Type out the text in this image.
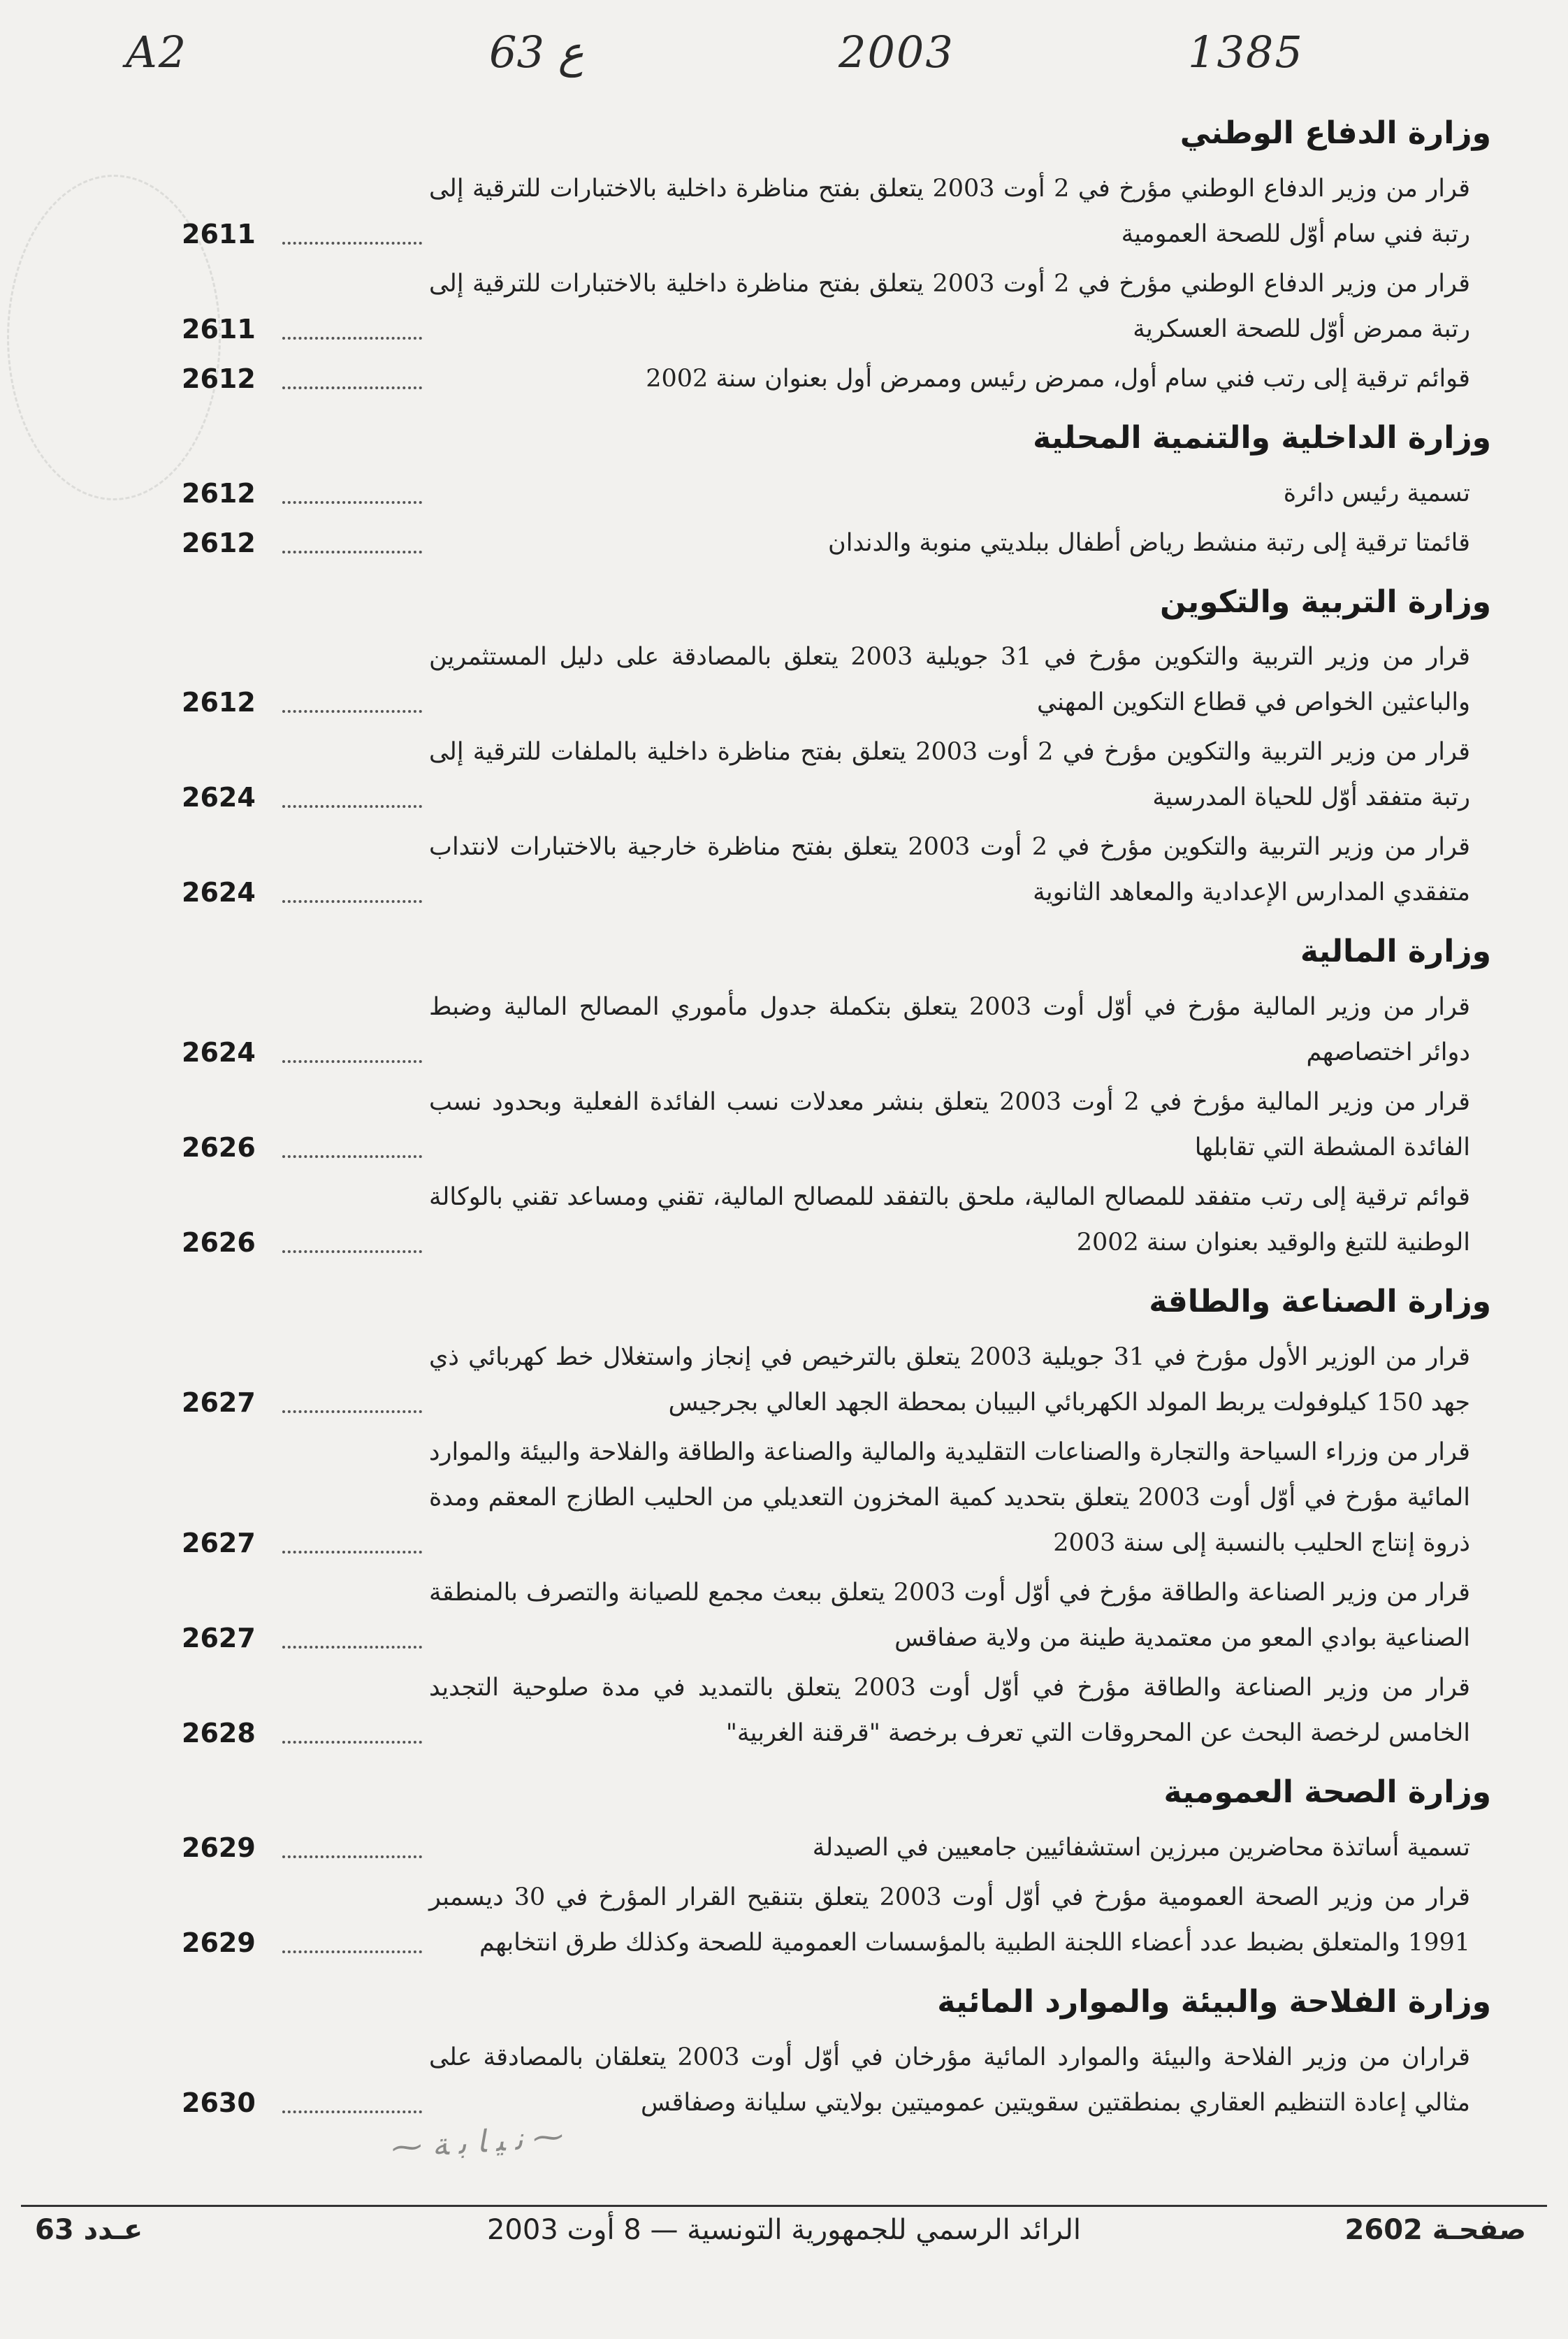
A2	63 ع	2003	1385
وزارة الدفاع الوطني
قرار من وزير الدفاع الوطني مؤرخ في 2 أوت 2003 يتعلق بفتح مناظرة داخلية بالاختبارات للترقية إلى رتبة فني سام أوّل للصحة العمومية
2611
قرار من وزير الدفاع الوطني مؤرخ في 2 أوت 2003 يتعلق بفتح مناظرة داخلية بالاختبارات للترقية إلى رتبة ممرض أوّل للصحة العسكرية
2611
قوائم ترقية إلى رتب فني سام أول، ممرض رئيس وممرض أول بعنوان سنة 2002
2612
وزارة الداخلية والتنمية المحلية
تسمية رئيس دائرة
2612
قائمتا ترقية إلى رتبة منشط رياض أطفال ببلديتي منوبة والدندان
2612
وزارة التربية والتكوين
قرار من وزير التربية والتكوين مؤرخ في 31 جويلية 2003 يتعلق بالمصادقة على دليل المستثمرين والباعثين الخواص في قطاع التكوين المهني
2612
قرار من وزير التربية والتكوين مؤرخ في 2 أوت 2003 يتعلق بفتح مناظرة داخلية بالملفات للترقية إلى رتبة متفقد أوّل للحياة المدرسية
2624
قرار من وزير التربية والتكوين مؤرخ في 2 أوت 2003 يتعلق بفتح مناظرة خارجية بالاختبارات لانتداب متفقدي المدارس الإعدادية والمعاهد الثانوية
2624
وزارة المالية
قرار من وزير المالية مؤرخ في أوّل أوت 2003 يتعلق بتكملة جدول مأموري المصالح المالية وضبط دوائر اختصاصهم
2624
قرار من وزير المالية مؤرخ في 2 أوت 2003 يتعلق بنشر معدلات نسب الفائدة الفعلية وبحدود نسب الفائدة المشطة التي تقابلها
2626
قوائم ترقية إلى رتب متفقد للمصالح المالية، ملحق بالتفقد للمصالح المالية، تقني ومساعد تقني بالوكالة الوطنية للتبغ والوقيد بعنوان سنة 2002
2626
وزارة الصناعة والطاقة
قرار من الوزير الأول مؤرخ في 31 جويلية 2003 يتعلق بالترخيص في إنجاز واستغلال خط كهربائي ذي جهد 150 كيلوفولت يربط المولد الكهربائي البيبان بمحطة الجهد العالي بجرجيس
2627
قرار من وزراء السياحة والتجارة والصناعات التقليدية والمالية والصناعة والطاقة والفلاحة والبيئة والموارد المائية مؤرخ في أوّل أوت 2003 يتعلق بتحديد كمية المخزون التعديلي من الحليب الطازج المعقم ومدة ذروة إنتاج الحليب بالنسبة إلى سنة 2003
2627
قرار من وزير الصناعة والطاقة مؤرخ في أوّل أوت 2003 يتعلق ببعث مجمع للصيانة والتصرف بالمنطقة الصناعية بوادي المعو من معتمدية طينة من ولاية صفاقس
2627
قرار من وزير الصناعة والطاقة مؤرخ في أوّل أوت 2003 يتعلق بالتمديد في مدة صلوحية التجديد الخامس لرخصة البحث عن المحروقات التي تعرف برخصة "قرقنة الغربية"
2628
وزارة الصحة العمومية
تسمية أساتذة محاضرين مبرزين استشفائيين جامعيين في الصيدلة
2629
قرار من وزير الصحة العمومية مؤرخ في أوّل أوت 2003 يتعلق بتنقيح القرار المؤرخ في 30 ديسمبر 1991 والمتعلق بضبط عدد أعضاء اللجنة الطبية بالمؤسسات العمومية للصحة وكذلك طرق انتخابهم
2629
وزارة الفلاحة والبيئة والموارد المائية
قراران من وزير الفلاحة والبيئة والموارد المائية مؤرخان في أوّل أوت 2003 يتعلقان بالمصادقة على مثالي إعادة التنظيم العقاري بمنطقتين سقويتين عموميتين بولايتي سليانة وصفاقس
2630
⁓ ﻧ ﻴ ﺎ ﺑ ﺔ ⁓
صفحـة 2602
الرائد الرسمي للجمهورية التونسية — 8 أوت 2003
عـدد 63
